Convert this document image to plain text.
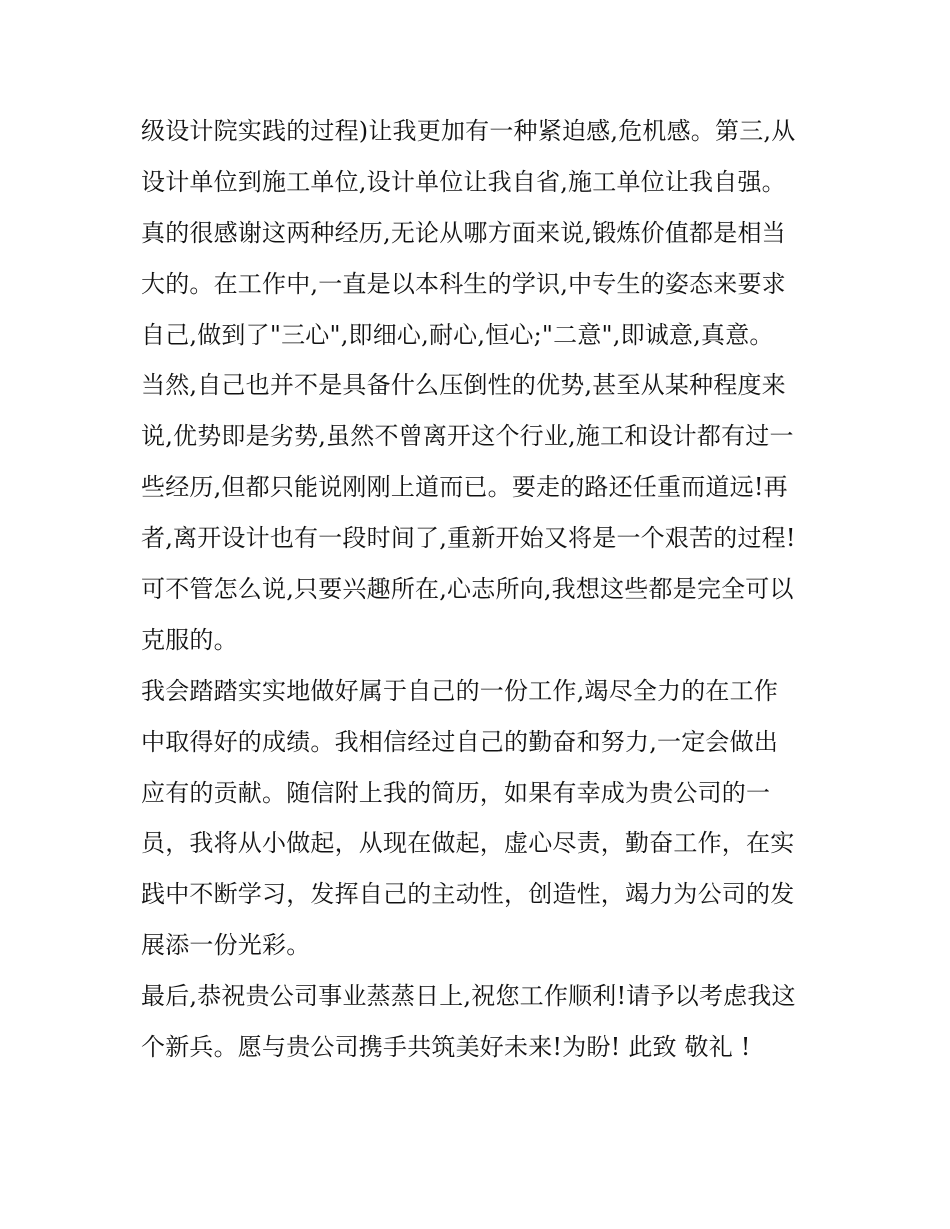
级设计院实践的过程)让我更加有一种紧迫感,危机感。第三,从
设计单位到施工单位,设计单位让我自省,施工单位让我自强。
真的很感谢这两种经历,无论从哪方面来说,锻炼价值都是相当
大的。在工作中,一直是以本科生的学识,中专生的姿态来要求
自己,做到了"三心",即细心,耐心,恒心;"二意",即诚意,真意。
当然,自己也并不是具备什么压倒性的优势,甚至从某种程度来
说,优势即是劣势,虽然不曾离开这个行业,施工和设计都有过一
些经历,但都只能说刚刚上道而已。要走的路还任重而道远!再
者,离开设计也有一段时间了,重新开始又将是一个艰苦的过程!
可不管怎么说,只要兴趣所在,心志所向,我想这些都是完全可以
克服的。
我会踏踏实实地做好属于自己的一份工作,竭尽全力的在工作
中取得好的成绩。我相信经过自己的勤奋和努力,一定会做出
应有的贡献。随信附上我的简历，如果有幸成为贵公司的一
员，我将从小做起，从现在做起，虚心尽责，勤奋工作，在实
践中不断学习，发挥自己的主动性，创造性，竭力为公司的发
展添一份光彩。
最后,恭祝贵公司事业蒸蒸日上,祝您工作顺利!请予以考虑我这
个新兵。愿与贵公司携手共筑美好未来!为盼! 此致 敬礼 !
